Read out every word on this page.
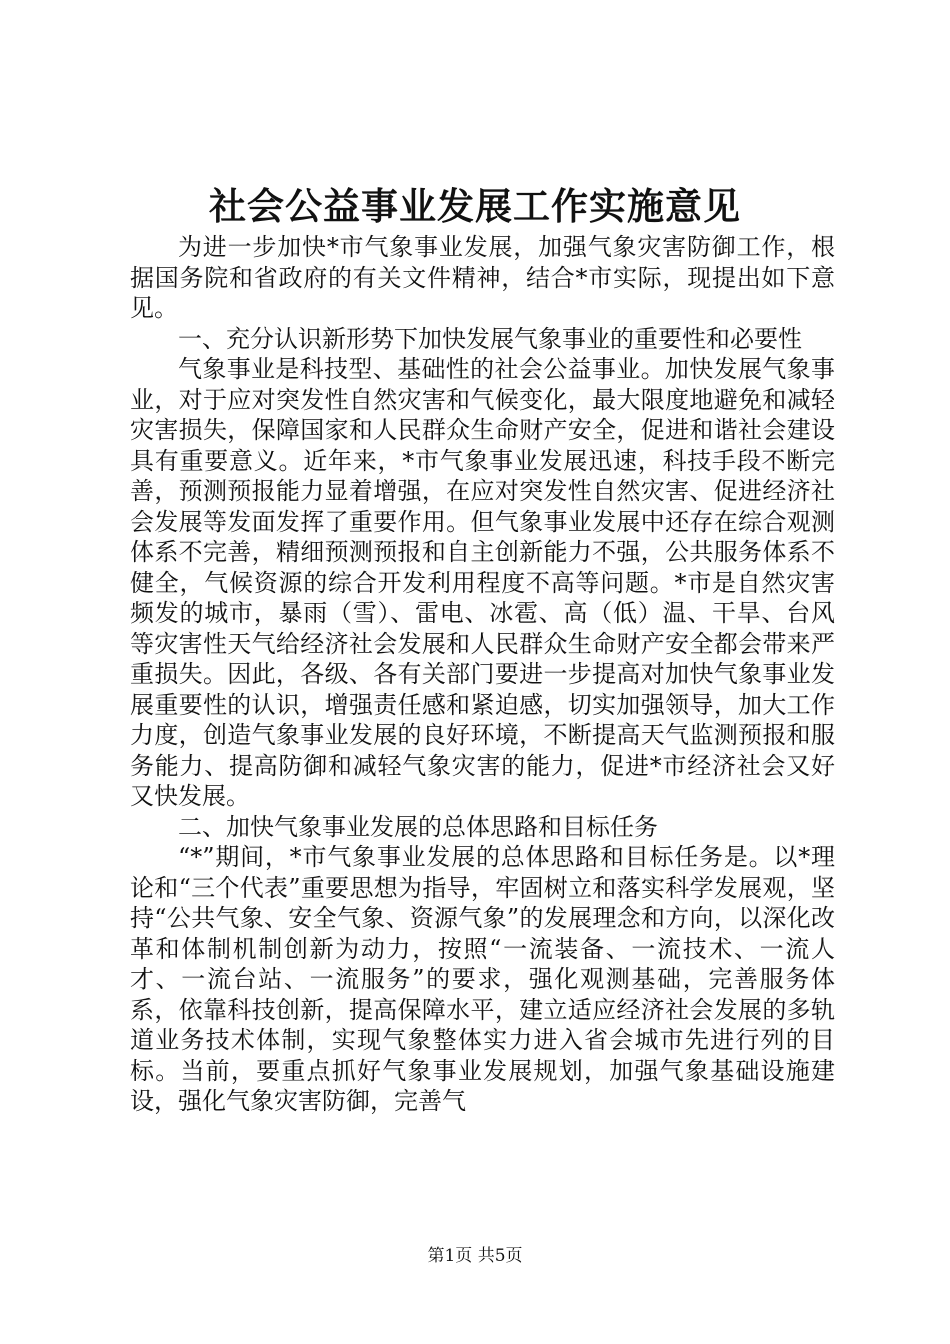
社会公益事业发展工作实施意见

为进一步加快*市气象事业发展，加强气象灾害防御工作，根据国务院和省政府的有关文件精神，结合*市实际，现提出如下意见。

一、充分认识新形势下加快发展气象事业的重要性和必要性

气象事业是科技型、基础性的社会公益事业。加快发展气象事业，对于应对突发性自然灾害和气候变化，最大限度地避免和减轻灾害损失，保障国家和人民群众生命财产安全，促进和谐社会建设具有重要意义。近年来，*市气象事业发展迅速，科技手段不断完善，预测预报能力显着增强，在应对突发性自然灾害、促进经济社会发展等发面发挥了重要作用。但气象事业发展中还存在综合观测体系不完善，精细预测预报和自主创新能力不强，公共服务体系不健全，气候资源的综合开发利用程度不高等问题。*市是自然灾害频发的城市，暴雨（雪）、雷电、冰雹、高（低）温、干旱、台风等灾害性天气给经济社会发展和人民群众生命财产安全都会带来严重损失。因此，各级、各有关部门要进一步提高对加快气象事业发展重要性的认识，增强责任感和紧迫感，切实加强领导，加大工作力度，创造气象事业发展的良好环境，不断提高天气监测预报和服务能力、提高防御和减轻气象灾害的能力，促进*市经济社会又好又快发展。

二、加快气象事业发展的总体思路和目标任务

“*”期间，*市气象事业发展的总体思路和目标任务是。以*理论和“三个代表”重要思想为指导，牢固树立和落实科学发展观，坚持“公共气象、安全气象、资源气象”的发展理念和方向，以深化改革和体制机制创新为动力，按照“一流装备、一流技术、一流人才、一流台站、一流服务”的要求，强化观测基础，完善服务体系，依靠科技创新，提高保障水平，建立适应经济社会发展的多轨道业务技术体制，实现气象整体实力进入省会城市先进行列的目标。当前，要重点抓好气象事业发展规划，加强气象基础设施建设，强化气象灾害防御，完善气

第1页 共5页
